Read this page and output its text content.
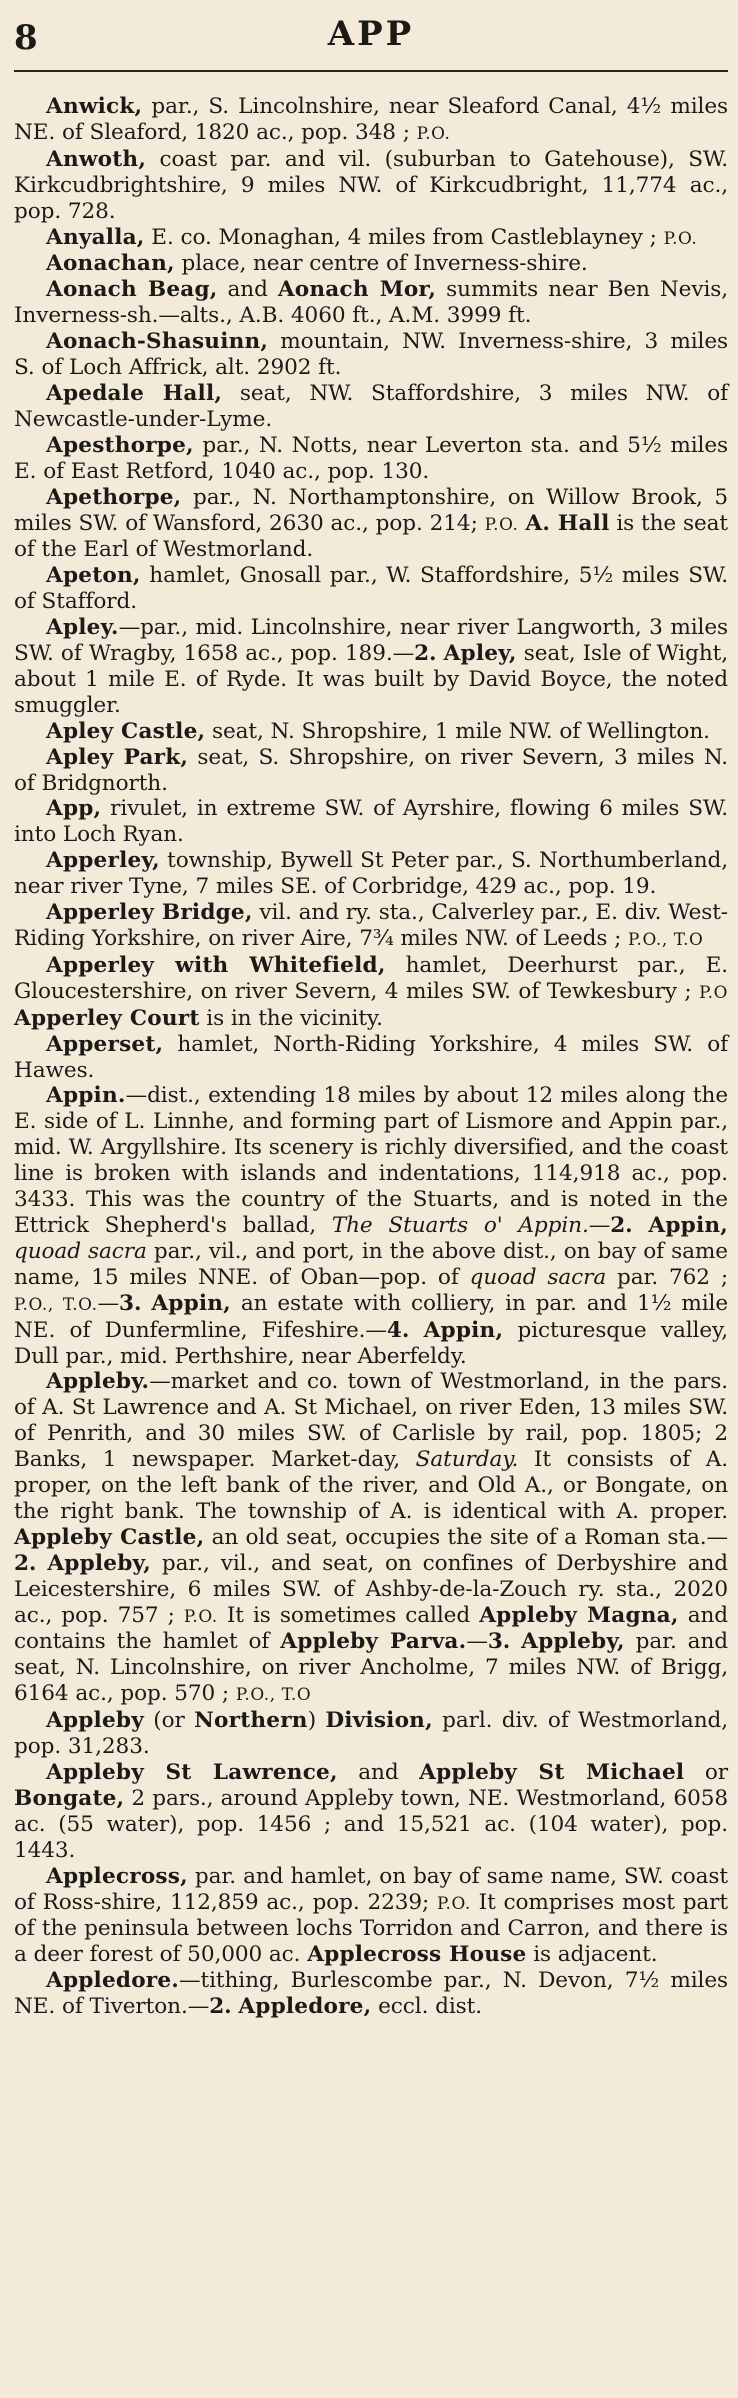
8	APP

Anwick, par., S. Lincolnshire, near Sleaford Canal, 4½ miles NE. of Sleaford, 1820 ac., pop. 348 ; P.O.

Anwoth, coast par. and vil. (suburban to Gatehouse), SW. Kirkcudbrightshire, 9 miles NW. of Kirkcudbright, 11,774 ac., pop. 728.

Anyalla, E. co. Monaghan, 4 miles from Castleblayney ; P.O.

Aonachan, place, near centre of Inverness-shire.

Aonach Beag, and Aonach Mor, summits near Ben Nevis, Inverness-sh.—alts., A.B. 4060 ft., A.M. 3999 ft.

Aonach-Shasuinn, mountain, NW. Inverness-shire, 3 miles S. of Loch Affrick, alt. 2902 ft.

Apedale Hall, seat, NW. Staffordshire, 3 miles NW. of Newcastle-under-Lyme.

Apesthorpe, par., N. Notts, near Leverton sta. and 5½ miles E. of East Retford, 1040 ac., pop. 130.

Apethorpe, par., N. Northamptonshire, on Willow Brook, 5 miles SW. of Wansford, 2630 ac., pop. 214; P.O. A. Hall is the seat of the Earl of Westmorland.

Apeton, hamlet, Gnosall par., W. Staffordshire, 5½ miles SW. of Stafford.

Apley.—par., mid. Lincolnshire, near river Langworth, 3 miles SW. of Wragby, 1658 ac., pop. 189.—2. Apley, seat, Isle of Wight, about 1 mile E. of Ryde. It was built by David Boyce, the noted smuggler.

Apley Castle, seat, N. Shropshire, 1 mile NW. of Wellington.

Apley Park, seat, S. Shropshire, on river Severn, 3 miles N. of Bridgnorth.

App, rivulet, in extreme SW. of Ayrshire, flowing 6 miles SW. into Loch Ryan.

Apperley, township, Bywell St Peter par., S. Northumberland, near river Tyne, 7 miles SE. of Corbridge, 429 ac., pop. 19.

Apperley Bridge, vil. and ry. sta., Calverley par., E. div. West-Riding Yorkshire, on river Aire, 7¾ miles NW. of Leeds ; P.O., T.O

Apperley with Whitefield, hamlet, Deerhurst par., E. Gloucestershire, on river Severn, 4 miles SW. of Tewkesbury ; P.O Apperley Court is in the vicinity.

Apperset, hamlet, North-Riding Yorkshire, 4 miles SW. of Hawes.

Appin.—dist., extending 18 miles by about 12 miles along the E. side of L. Linnhe, and forming part of Lismore and Appin par., mid. W. Argyllshire. Its scenery is richly diversified, and the coast line is broken with islands and indentations, 114,918 ac., pop. 3433. This was the country of the Stuarts, and is noted in the Ettrick Shepherd's ballad, The Stuarts o' Appin.—2. Appin, quoad sacra par., vil., and port, in the above dist., on bay of same name, 15 miles NNE. of Oban—pop. of quoad sacra par. 762 ; P.O., T.O.—3. Appin, an estate with colliery, in par. and 1½ mile NE. of Dunfermline, Fifeshire.—4. Appin, picturesque valley, Dull par., mid. Perthshire, near Aberfeldy.

Appleby.—market and co. town of Westmorland, in the pars. of A. St Lawrence and A. St Michael, on river Eden, 13 miles SW. of Penrith, and 30 miles SW. of Carlisle by rail, pop. 1805; 2 Banks, 1 newspaper. Market-day, Saturday. It consists of A. proper, on the left bank of the river, and Old A., or Bongate, on the right bank. The township of A. is identical with A. proper. Appleby Castle, an old seat, occupies the site of a Roman sta.—2. Appleby, par., vil., and seat, on confines of Derbyshire and Leicestershire, 6 miles SW. of Ashby-de-la-Zouch ry. sta., 2020 ac., pop. 757 ; P.O. It is sometimes called Appleby Magna, and contains the hamlet of Appleby Parva.—3. Appleby, par. and seat, N. Lincolnshire, on river Ancholme, 7 miles NW. of Brigg, 6164 ac., pop. 570 ; P.O., T.O

Appleby (or Northern) Division, parl. div. of Westmorland, pop. 31,283.

Appleby St Lawrence, and Appleby St Michael or Bongate, 2 pars., around Appleby town, NE. Westmorland, 6058 ac. (55 water), pop. 1456 ; and 15,521 ac. (104 water), pop. 1443.

Applecross, par. and hamlet, on bay of same name, SW. coast of Ross-shire, 112,859 ac., pop. 2239; P.O. It comprises most part of the peninsula between lochs Torridon and Carron, and there is a deer forest of 50,000 ac. Applecross House is adjacent.

Appledore.—tithing, Burlescombe par., N. Devon, 7½ miles NE. of Tiverton.—2. Appledore, eccl. dist.
